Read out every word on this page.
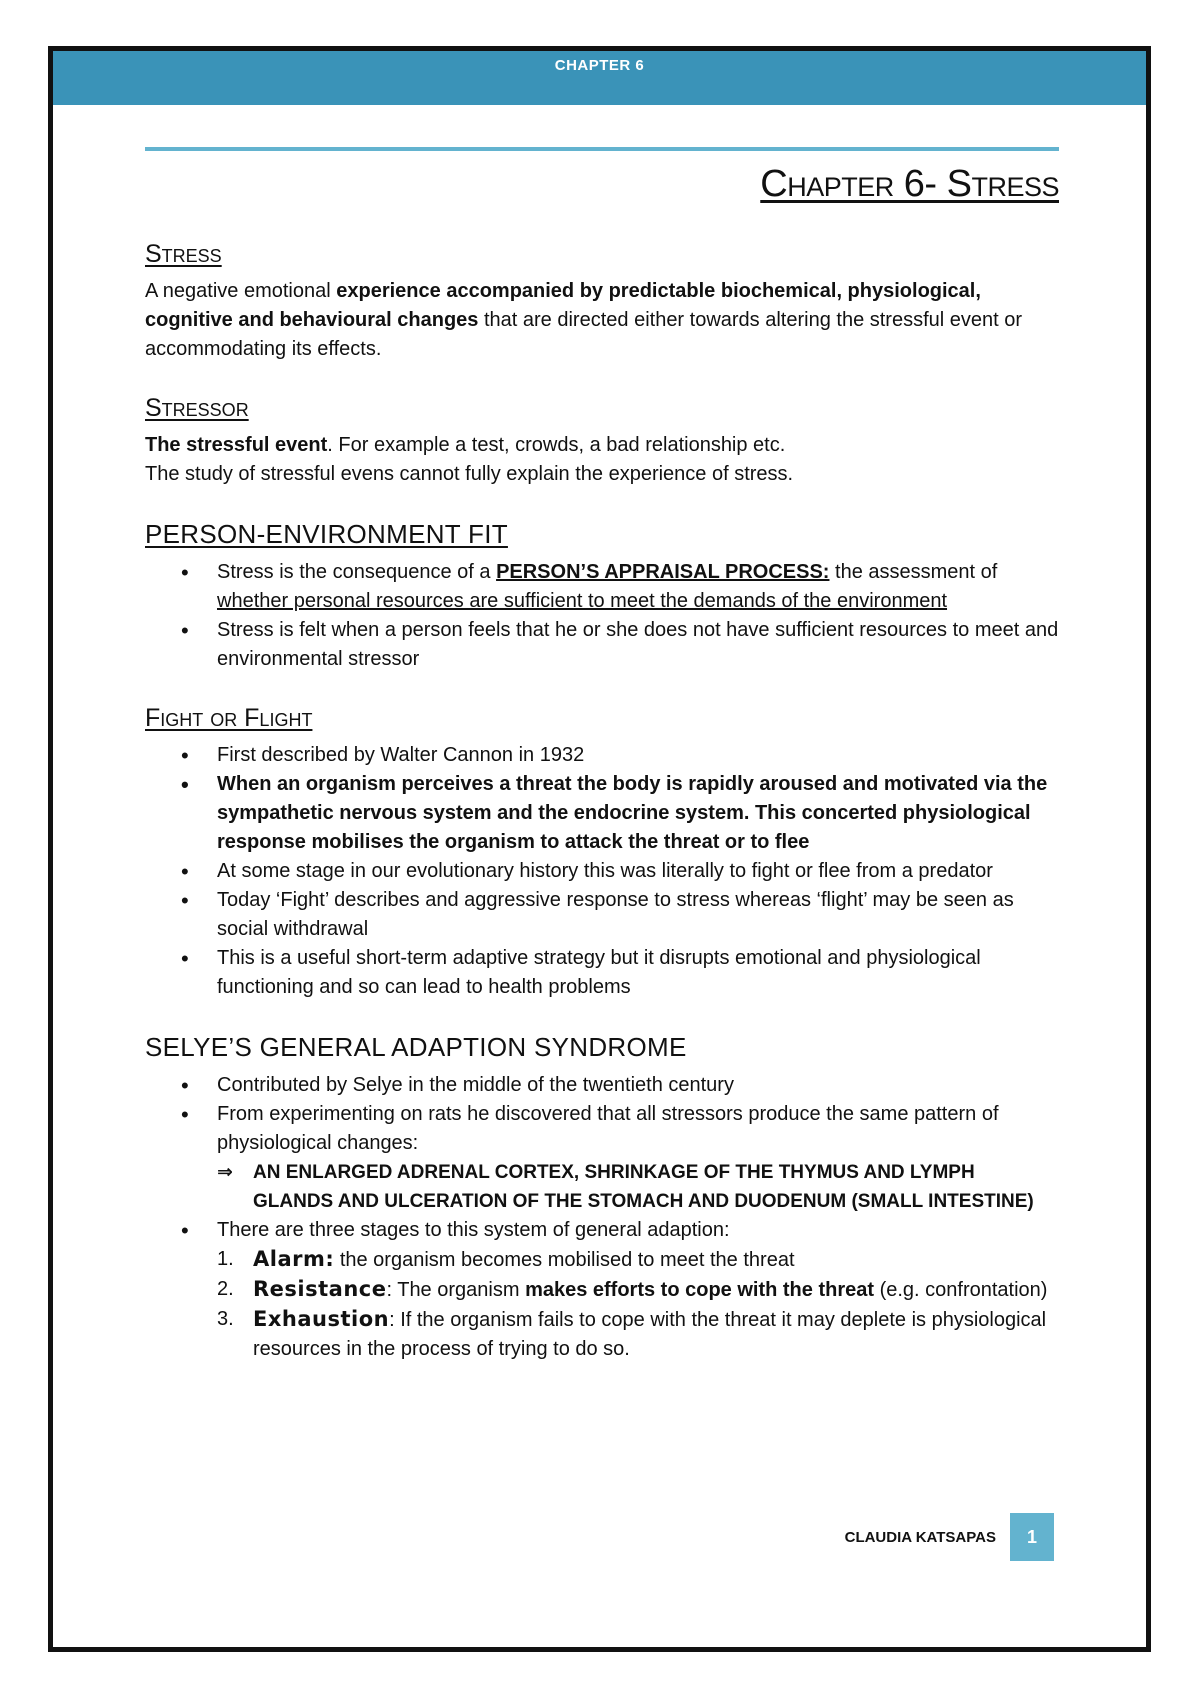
CHAPTER 6
Chapter 6- Stress
Stress

A negative emotional experience accompanied by predictable biochemical, physiological, cognitive and behavioural changes that are directed either towards altering the stressful event or accommodating its effects.

Stressor

The stressful event. For example a test, crowds, a bad relationship etc.

The study of stressful evens cannot fully explain the experience of stress.

PERSON-ENVIRONMENT FIT
• Stress is the consequence of a PERSON’S APPRAISAL PROCESS: the assessment of whether personal resources are sufficient to meet the demands of the environment
• Stress is felt when a person feels that he or she does not have sufficient resources to meet and environmental stressor
Fight or Flight
• First described by Walter Cannon in 1932
• When an organism perceives a threat the body is rapidly aroused and motivated via the sympathetic nervous system and the endocrine system. This concerted physiological response mobilises the organism to attack the threat or to flee
• At some stage in our evolutionary history this was literally to fight or flee from a predator
• Today ‘Fight’ describes and aggressive response to stress whereas ‘flight’ may be seen as social withdrawal
• This is a useful short-term adaptive strategy but it disrupts emotional and physiological functioning and so can lead to health problems
SELYE’S GENERAL ADAPTION SYNDROME
• Contributed by Selye in the middle of the twentieth century
• From experimenting on rats he discovered that all stressors produce the same pattern of physiological changes:
⇒ AN ENLARGED ADRENAL CORTEX, SHRINKAGE OF THE THYMUS AND LYMPH GLANDS AND ULCERATION OF THE STOMACH AND DUODENUM (SMALL INTESTINE)
• There are three stages to this system of general adaption:
1. Alarm: the organism becomes mobilised to meet the threat
2. Resistance: The organism makes efforts to cope with the threat (e.g. confrontation)
3. Exhaustion: If the organism fails to cope with the threat it may deplete is physiological resources in the process of trying to do so.
CLAUDIA KATSAPAS 1
